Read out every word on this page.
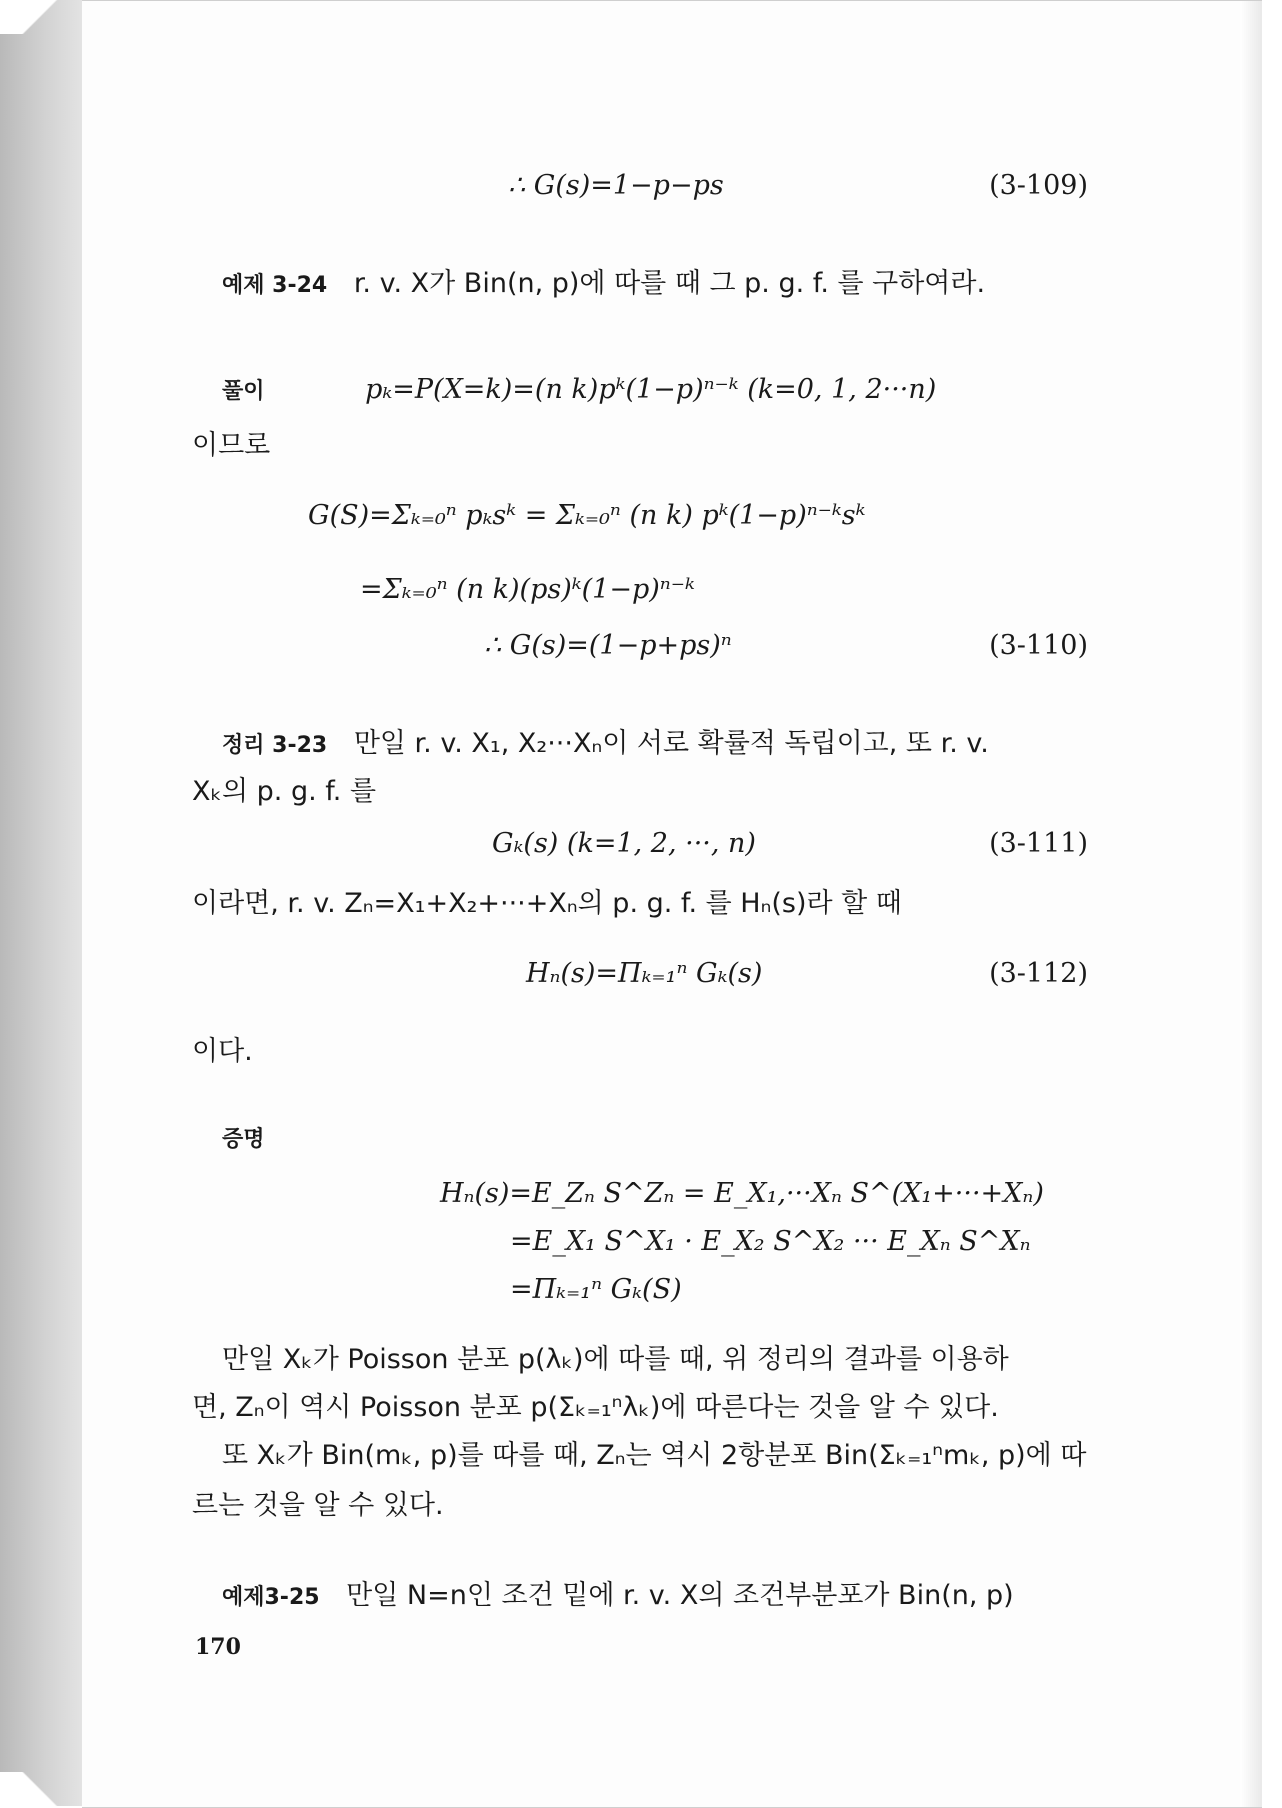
∴ G(s)=1−p−ps	(3-109)
예제 3-24 r. v. X가 Bin(n, p)에 따를 때 그 p. g. f. 를 구하여라.
풀이	pₖ=P(X=k)=(n k)pᵏ(1−p)ⁿ⁻ᵏ (k=0, 1, 2···n)
이므로
G(S)=Σₖ₌₀ⁿ pₖsᵏ = Σₖ₌₀ⁿ (n k) pᵏ(1−p)ⁿ⁻ᵏsᵏ
=Σₖ₌₀ⁿ (n k)(ps)ᵏ(1−p)ⁿ⁻ᵏ
∴ G(s)=(1−p+ps)ⁿ	(3-110)
정리 3-23 만일 r. v. X₁, X₂···Xₙ이 서로 확률적 독립이고, 또 r. v.
Xₖ의 p. g. f. 를
Gₖ(s) (k=1, 2, ···, n)	(3-111)
이라면, r. v. Zₙ=X₁+X₂+···+Xₙ의 p. g. f. 를 Hₙ(s)라 할 때
Hₙ(s)=Πₖ₌₁ⁿ Gₖ(s)	(3-112)
이다.
증명
Hₙ(s)=E_Zₙ S^Zₙ = E_X₁,···Xₙ S^(X₁+···+Xₙ)
=E_X₁ S^X₁ · E_X₂ S^X₂ ··· E_Xₙ S^Xₙ
=Πₖ₌₁ⁿ Gₖ(S)
만일 Xₖ가 Poisson 분포 p(λₖ)에 따를 때, 위 정리의 결과를 이용하
면, Zₙ이 역시 Poisson 분포 p(Σₖ₌₁ⁿλₖ)에 따른다는 것을 알 수 있다.
또 Xₖ가 Bin(mₖ, p)를 따를 때, Zₙ는 역시 2항분포 Bin(Σₖ₌₁ⁿmₖ, p)에 따
르는 것을 알 수 있다.
예제3-25 만일 N=n인 조건 밑에 r. v. X의 조건부분포가 Bin(n, p)
170
